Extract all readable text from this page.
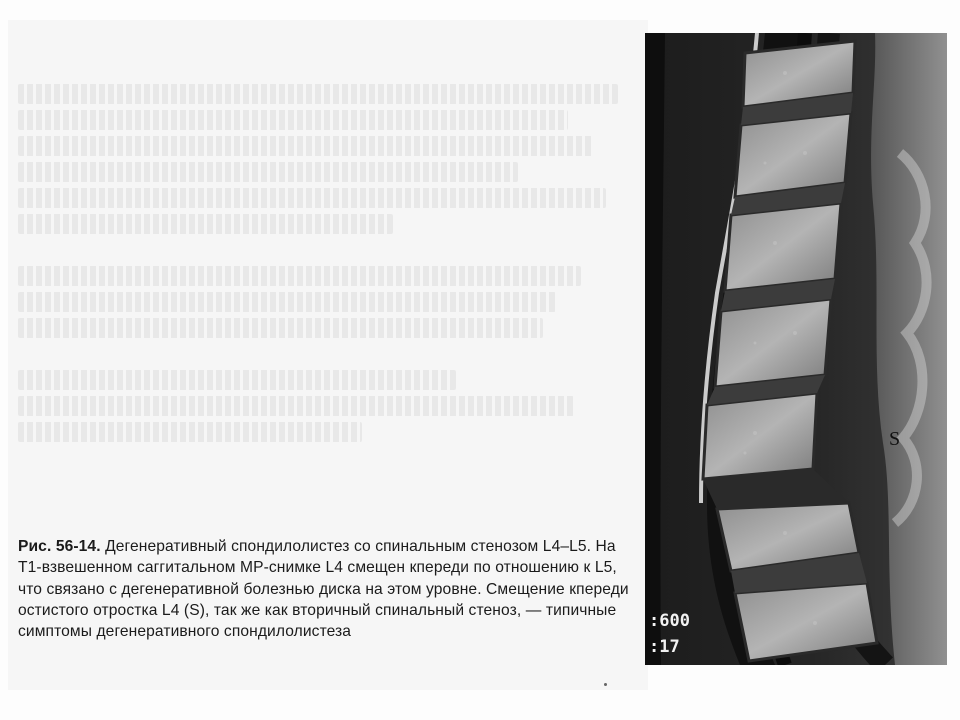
Рис. 56-14. Дегенеративный спондилолистез со спинальным стенозом L4–L5. На T1-взвешенном саггитальном МР-снимке L4 смещен кпереди по отношению к L5, что связано с дегенеративной болезнью диска на этом уровне. Смещение кпереди остистого отростка L4 (S), так же как вторичный спинальный стеноз, — типичные симптомы дегенеративного спондилолистеза
S
:600
:17
